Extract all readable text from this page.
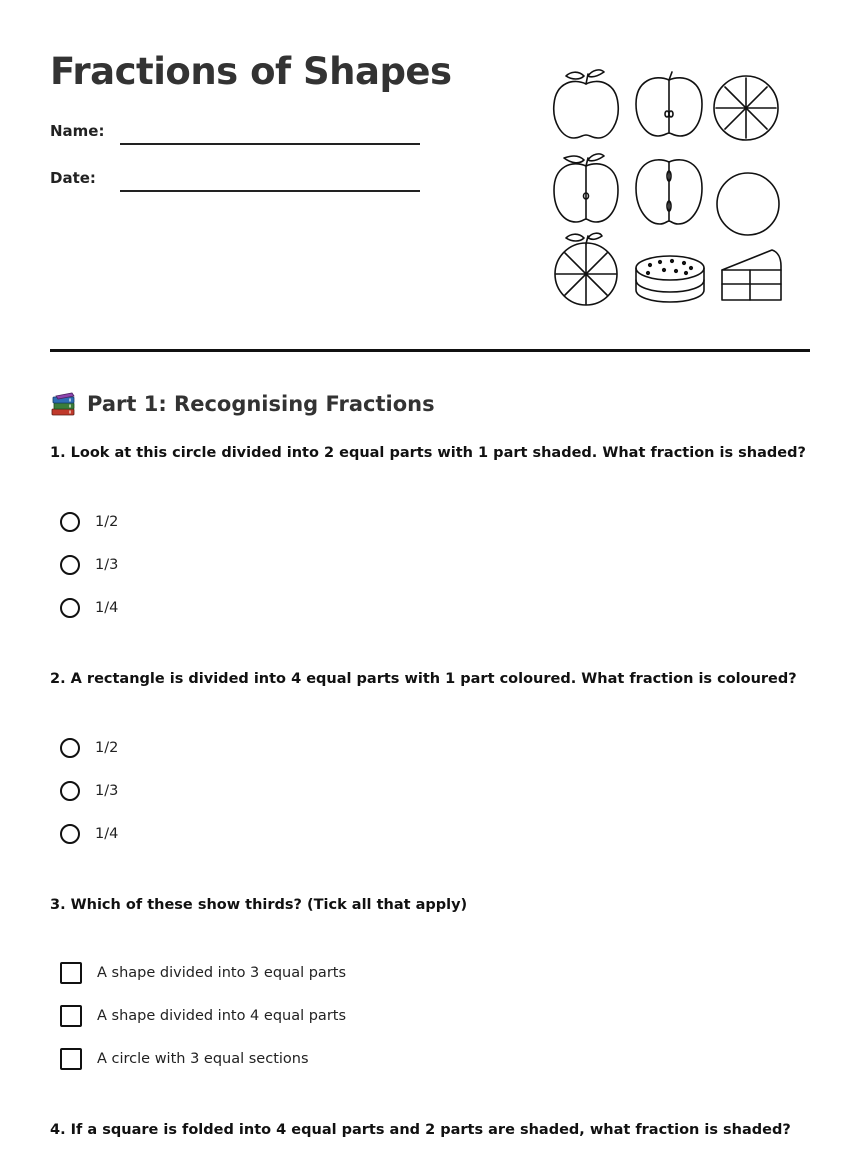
Fractions of Shapes
Name:
Date:
Part 1: Recognising Fractions
1. Look at this circle divided into 2 equal parts with 1 part shaded. What fraction is shaded?
1/2
1/3
1/4
2. A rectangle is divided into 4 equal parts with 1 part coloured. What fraction is coloured?
1/2
1/3
1/4
3. Which of these show thirds? (Tick all that apply)
A shape divided into 3 equal parts
A shape divided into 4 equal parts
A circle with 3 equal sections
4. If a square is folded into 4 equal parts and 2 parts are shaded, what fraction is shaded?
